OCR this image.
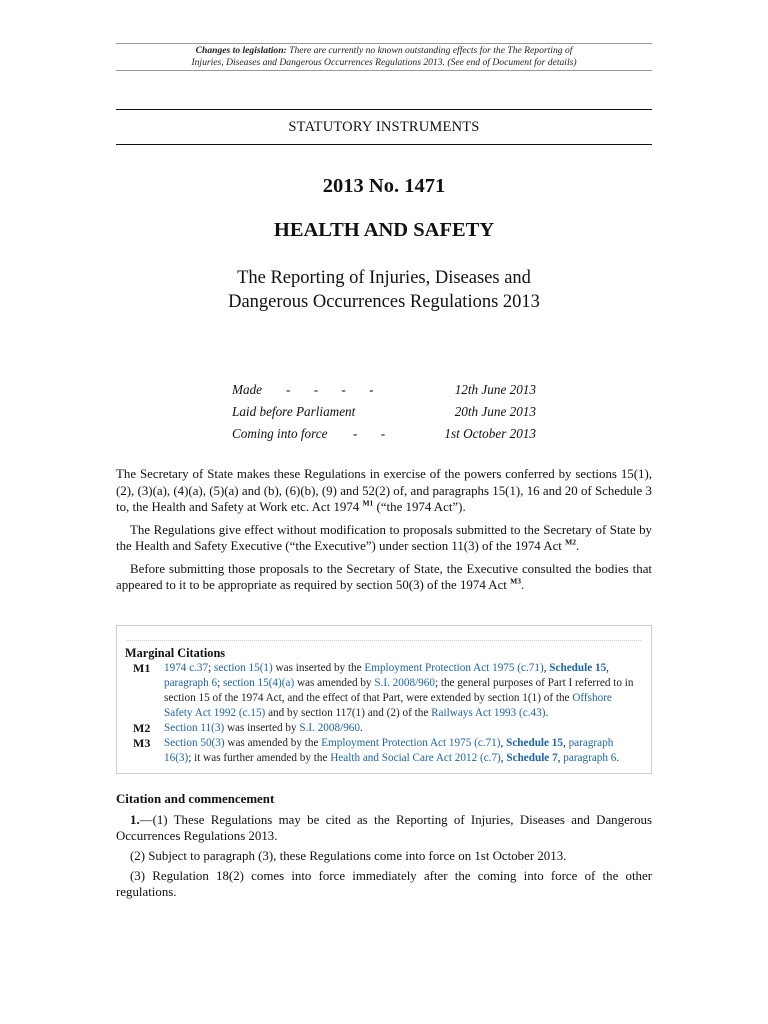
Changes to legislation: There are currently no known outstanding effects for the The Reporting of
Injuries, Diseases and Dangerous Occurrences Regulations 2013. (See end of Document for details)
STATUTORY INSTRUMENTS
2013 No. 1471
HEALTH AND SAFETY
The Reporting of Injuries, Diseases and
Dangerous Occurrences Regulations 2013
Made - - - -	12th June 2013
Laid before Parliament	20th June 2013
Coming into force - -	1st October 2013

The Secretary of State makes these Regulations in exercise of the powers conferred by sections 15(1), (2), (3)(a), (4)(a), (5)(a) and (b), (6)(b), (9) and 52(2) of, and paragraphs 15(1), 16 and 20 of Schedule 3 to, the Health and Safety at Work etc. Act 1974 $^{M1}$ (“the 1974 Act”).

The Regulations give effect without modification to proposals submitted to the Secretary of State by the Health and Safety Executive (“the Executive”) under section 11(3) of the 1974 Act $^{M2}$.

Before submitting those proposals to the Secretary of State, the Executive consulted the bodies that appeared to it to be appropriate as required by section 50(3) of the 1974 Act $^{M3}$.

Marginal Citations
M1 1974 c.37; section 15(1) was inserted by the Employment Protection Act 1975 (c.71), Schedule 15, paragraph 6; section 15(4)(a) was amended by S.I. 2008/960; the general purposes of Part I referred to in section 15 of the 1974 Act, and the effect of that Part, were extended by section 1(1) of the Offshore Safety Act 1992 (c.15) and by section 117(1) and (2) of the Railways Act 1993 (c.43).
M2 Section 11(3) was inserted by S.I. 2008/960.
M3 Section 50(3) was amended by the Employment Protection Act 1975 (c.71), Schedule 15, paragraph 16(3); it was further amended by the Health and Social Care Act 2012 (c.7), Schedule 7, paragraph 6.
Citation and commencement

1.—(1) These Regulations may be cited as the Reporting of Injuries, Diseases and Dangerous Occurrences Regulations 2013.

(2) Subject to paragraph (3), these Regulations come into force on 1st October 2013.

(3) Regulation 18(2) comes into force immediately after the coming into force of the other regulations.
